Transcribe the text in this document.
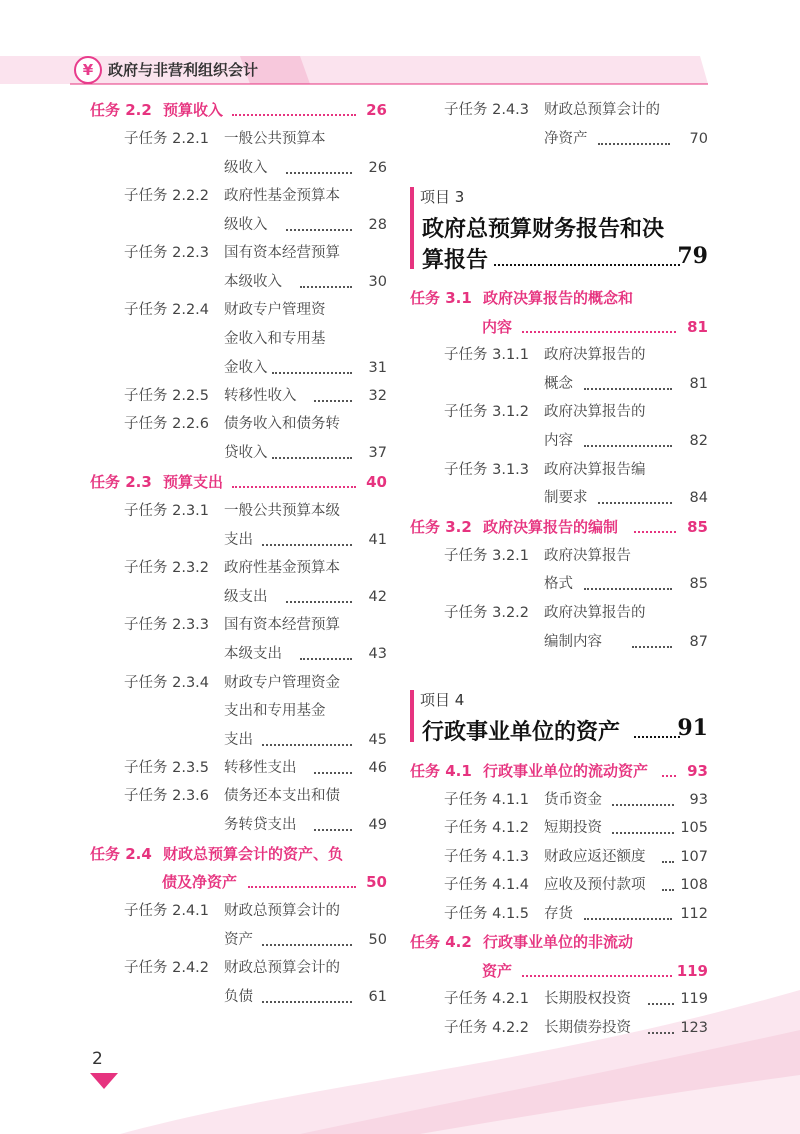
¥ 政府与非营利组织会计
任务 2.2 预算收入	26
子任务 2.2.1 一般公共预算本
级收入	26
子任务 2.2.2 政府性基金预算本
级收入	28
子任务 2.2.3 国有资本经营预算
本级收入	30
子任务 2.2.4 财政专户管理资
金收入和专用基
金收入	31
子任务 2.2.5 转移性收入	32
子任务 2.2.6 债务收入和债务转
贷收入	37
任务 2.3 预算支出	40
子任务 2.3.1 一般公共预算本级
支出	41
子任务 2.3.2 政府性基金预算本
级支出	42
子任务 2.3.3 国有资本经营预算
本级支出	43
子任务 2.3.4 财政专户管理资金
支出和专用基金
支出	45
子任务 2.3.5 转移性支出	46
子任务 2.3.6 债务还本支出和债
务转贷支出	49
任务 2.4 财政总预算会计的资产、负
债及净资产	50
子任务 2.4.1 财政总预算会计的
资产	50
子任务 2.4.2 财政总预算会计的
负债	61
子任务 2.4.3 财政总预算会计的
净资产	70
项目 3
政府总预算财务报告和决
算报告	79
任务 3.1 政府决算报告的概念和
内容	81
子任务 3.1.1 政府决算报告的
概念	81
子任务 3.1.2 政府决算报告的
内容	82
子任务 3.1.3 政府决算报告编
制要求	84
任务 3.2 政府决算报告的编制	85
子任务 3.2.1 政府决算报告
格式	85
子任务 3.2.2 政府决算报告的
编制内容	87
项目 4
行政事业单位的资产	91
任务 4.1 行政事业单位的流动资产	93
子任务 4.1.1 货币资金	93
子任务 4.1.2 短期投资	105
子任务 4.1.3 财政应返还额度	107
子任务 4.1.4 应收及预付款项	108
子任务 4.1.5 存货	112
任务 4.2 行政事业单位的非流动
资产	119
子任务 4.2.1 长期股权投资	119
子任务 4.2.2 长期债券投资	123
2
